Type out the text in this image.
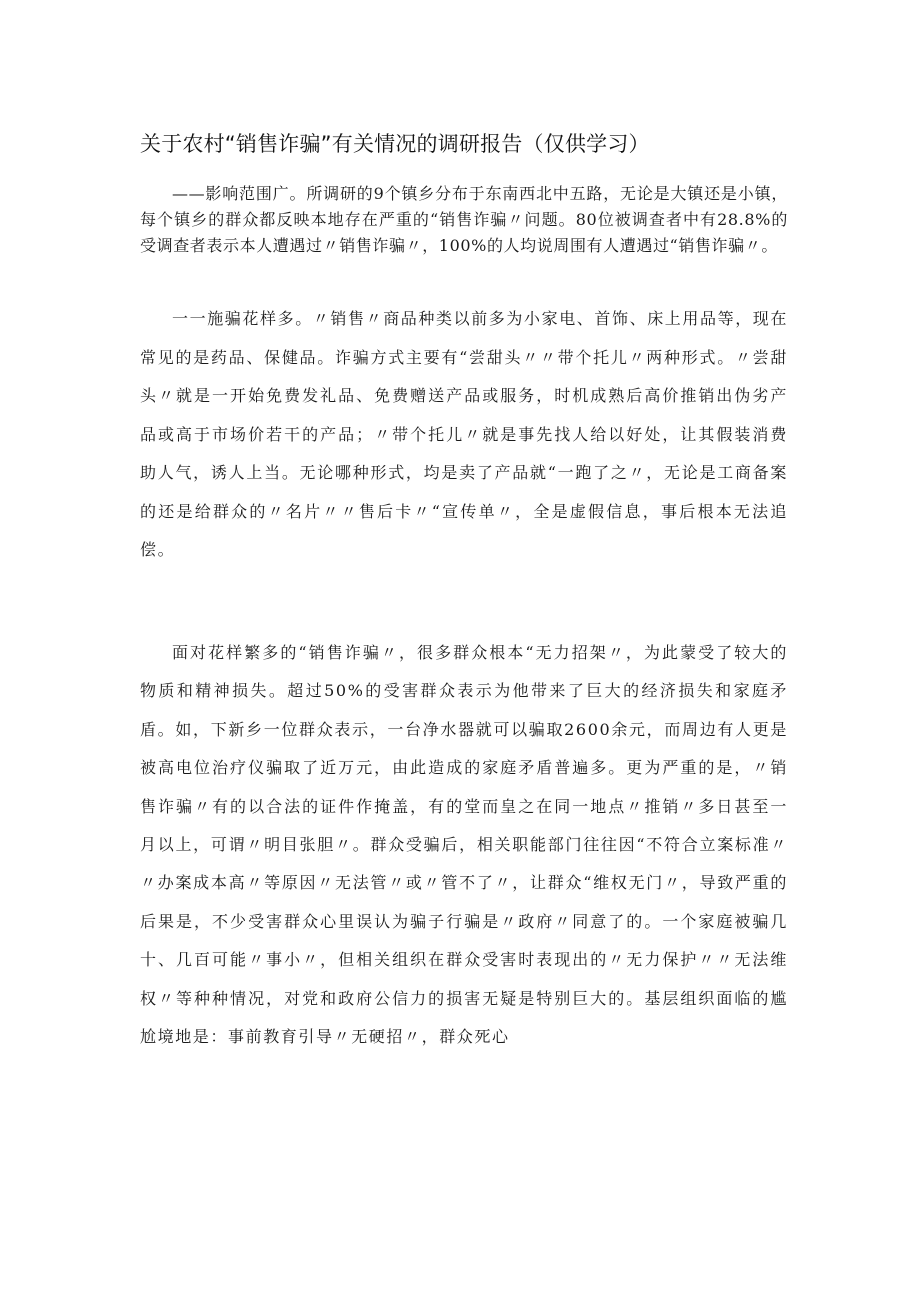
关于农村“销售诈骗”有关情况的调研报告（仅供学习）

——影响范围广。所调研的9个镇乡分布于东南西北中五路，无论是大镇还是小镇，每个镇乡的群众都反映本地存在严重的“销售诈骗〃问题。80位被调查者中有28.8%的受调查者表示本人遭遇过〃销售诈骗〃，100%的人均说周围有人遭遇过“销售诈骗〃。

一一施骗花样多。〃销售〃商品种类以前多为小家电、首饰、床上用品等，现在常见的是药品、保健品。诈骗方式主要有“尝甜头〃〃带个托儿〃两种形式。〃尝甜头〃就是一开始免费发礼品、免费赠送产品或服务，时机成熟后高价推销出伪劣产品或高于市场价若干的产品；〃带个托儿〃就是事先找人给以好处，让其假装消费助人气，诱人上当。无论哪种形式，均是卖了产品就“一跑了之〃，无论是工商备案的还是给群众的〃名片〃〃售后卡〃“宣传单〃，全是虚假信息，事后根本无法追偿。

面对花样繁多的“销售诈骗〃，很多群众根本“无力招架〃，为此蒙受了较大的物质和精神损失。超过50%的受害群众表示为他带来了巨大的经济损失和家庭矛盾。如，下新乡一位群众表示，一台净水器就可以骗取2600余元，而周边有人更是被高电位治疗仪骗取了近万元，由此造成的家庭矛盾普遍多。更为严重的是，〃销售诈骗〃有的以合法的证件作掩盖，有的堂而皇之在同一地点〃推销〃多日甚至一月以上，可谓〃明目张胆〃。群众受骗后，相关职能部门往往因“不符合立案标准〃〃办案成本高〃等原因〃无法管〃或〃管不了〃，让群众“维权无门〃，导致严重的后果是，不少受害群众心里误认为骗子行骗是〃政府〃同意了的。一个家庭被骗几十、几百可能〃事小〃，但相关组织在群众受害时表现出的〃无力保护〃〃无法维权〃等种种情况，对党和政府公信力的损害无疑是特别巨大的。基层组织面临的尴尬境地是：事前教育引导〃无硬招〃，群众死心
